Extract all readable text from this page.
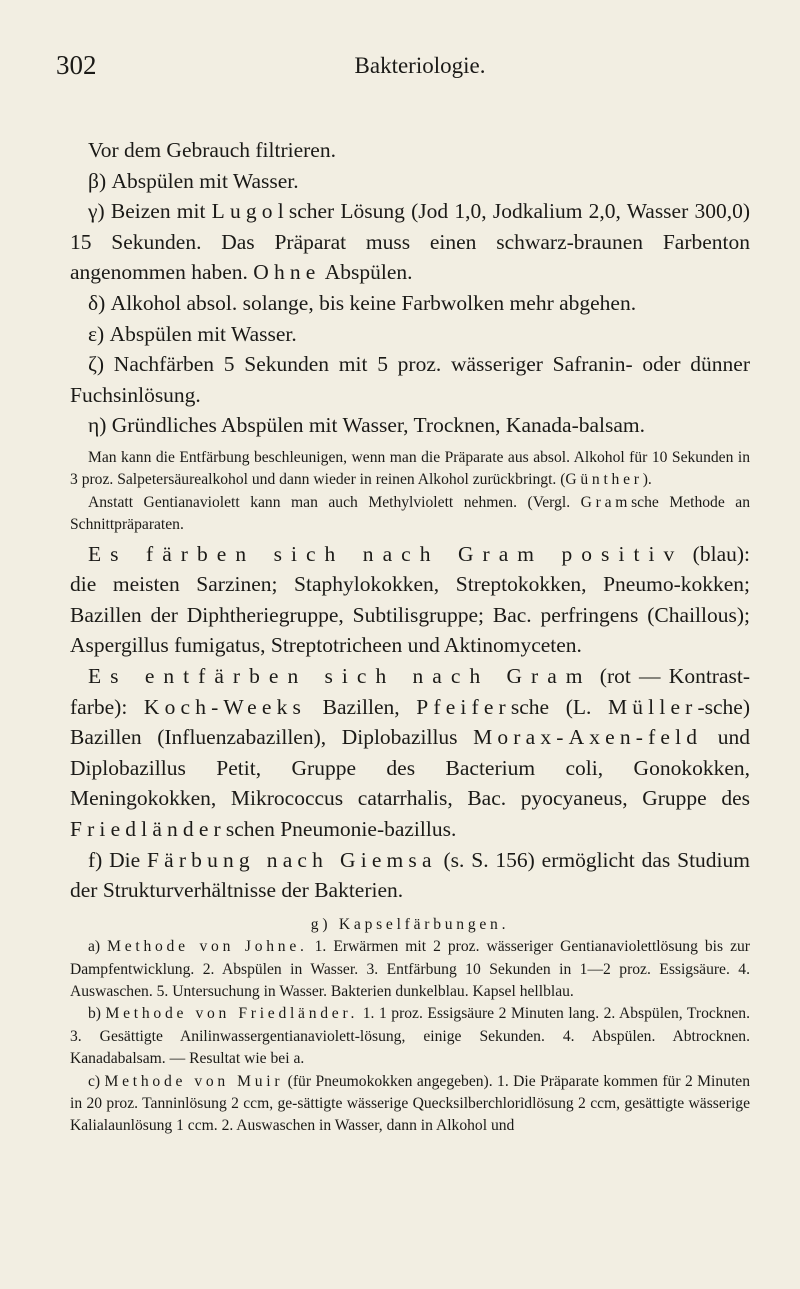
302	Bakteriologie.

Vor dem Gebrauch filtrieren.

β) Abspülen mit Wasser.

γ) Beizen mit Lugolscher Lösung (Jod 1,0, Jodkalium 2,0, Wasser 300,0) 15 Sekunden. Das Präparat muss einen schwarz-braunen Farbenton angenommen haben. Ohne Abspülen.

δ) Alkohol absol. solange, bis keine Farbwolken mehr abgehen.

ε) Abspülen mit Wasser.

ζ) Nachfärben 5 Sekunden mit 5 proz. wässeriger Safranin- oder dünner Fuchsinlösung.

η) Gründliches Abspülen mit Wasser, Trocknen, Kanada-balsam.

Man kann die Entfärbung beschleunigen, wenn man die Präparate aus absol. Alkohol für 10 Sekunden in 3 proz. Salpetersäurealkohol und dann wieder in reinen Alkohol zurückbringt. (Günther).

Anstatt Gentianaviolett kann man auch Methylviolett nehmen. (Vergl. Gramsche Methode an Schnittpräparaten.

Es färben sich nach Gram positiv (blau): die meisten Sarzinen; Staphylokokken, Streptokokken, Pneumo-kokken; Bazillen der Diphtheriegruppe, Subtilisgruppe; Bac. perfringens (Chaillous); Aspergillus fumigatus, Streptotricheen und Aktinomyceten.

Es entfärben sich nach Gram (rot — Kontrast-farbe): Koch-Weeks Bazillen, Pfeifersche (L. Müller-sche) Bazillen (Influenzabazillen), Diplobazillus Morax-Axen-feld und Diplobazillus Petit, Gruppe des Bacterium coli, Gonokokken, Meningokokken, Mikrococcus catarrhalis, Bac. pyocyaneus, Gruppe des Friedländerschen Pneumonie-bazillus.

f) Die Färbung nach Giemsa (s. S. 156) ermöglicht das Studium der Strukturverhältnisse der Bakterien.

g) Kapselfärbungen.

a) Methode von Johne. 1. Erwärmen mit 2 proz. wässeriger Gentianaviolettlösung bis zur Dampfentwicklung. 2. Abspülen in Wasser. 3. Entfärbung 10 Sekunden in 1—2 proz. Essigsäure. 4. Auswaschen. 5. Untersuchung in Wasser. Bakterien dunkelblau. Kapsel hellblau.

b) Methode von Friedländer. 1. 1 proz. Essigsäure 2 Minuten lang. 2. Abspülen, Trocknen. 3. Gesättigte Anilinwassergentianaviolett-lösung, einige Sekunden. 4. Abspülen. Abtrocknen. Kanadabalsam. — Resultat wie bei a.

c) Methode von Muir (für Pneumokokken angegeben). 1. Die Präparate kommen für 2 Minuten in 20 proz. Tanninlösung 2 ccm, ge-sättigte wässerige Quecksilberchloridlösung 2 ccm, gesättigte wässerige Kalialaunlösung 1 ccm. 2. Auswaschen in Wasser, dann in Alkohol und
